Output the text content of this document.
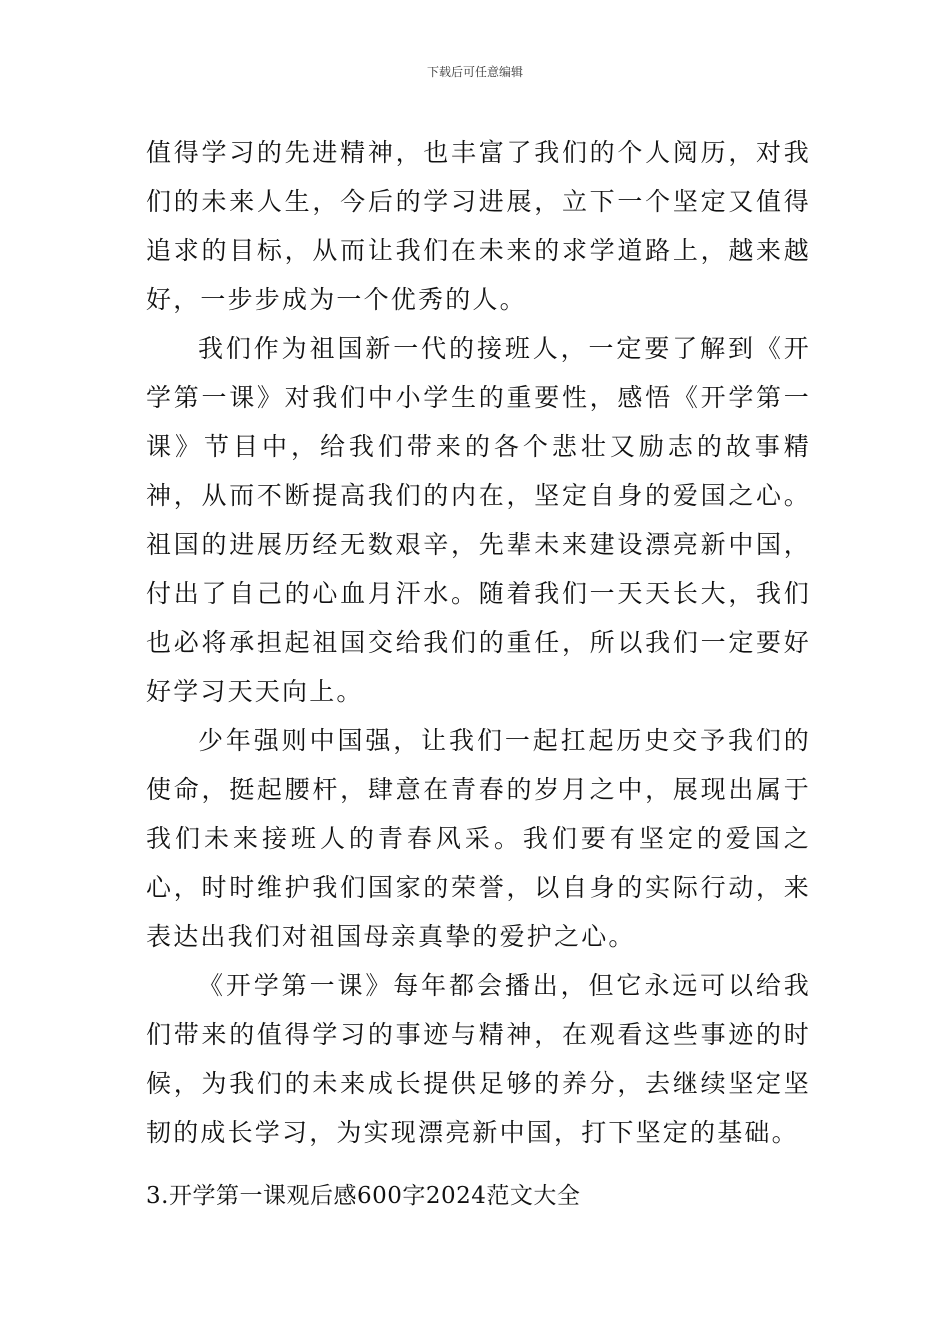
下载后可任意编辑

值得学习的先进精神，也丰富了我们的个人阅历，对我们的未来人生，今后的学习进展，立下一个坚定又值得追求的目标，从而让我们在未来的求学道路上，越来越好，一步步成为一个优秀的人。

我们作为祖国新一代的接班人，一定要了解到《开学第一课》对我们中小学生的重要性，感悟《开学第一课》节目中，给我们带来的各个悲壮又励志的故事精神，从而不断提高我们的内在，坚定自身的爱国之心。祖国的进展历经无数艰辛，先辈未来建设漂亮新中国，付出了自己的心血月汗水。随着我们一天天长大，我们也必将承担起祖国交给我们的重任，所以我们一定要好好学习天天向上。

少年强则中国强，让我们一起扛起历史交予我们的使命，挺起腰杆，肆意在青春的岁月之中，展现出属于我们未来接班人的青春风采。我们要有坚定的爱国之心，时时维护我们国家的荣誉，以自身的实际行动，来表达出我们对祖国母亲真挚的爱护之心。

《开学第一课》每年都会播出，但它永远可以给我们带来的值得学习的事迹与精神，在观看这些事迹的时候，为我们的未来成长提供足够的养分，去继续坚定坚韧的成长学习，为实现漂亮新中国，打下坚定的基础。

3.开学第一课观后感600字2024范文大全
